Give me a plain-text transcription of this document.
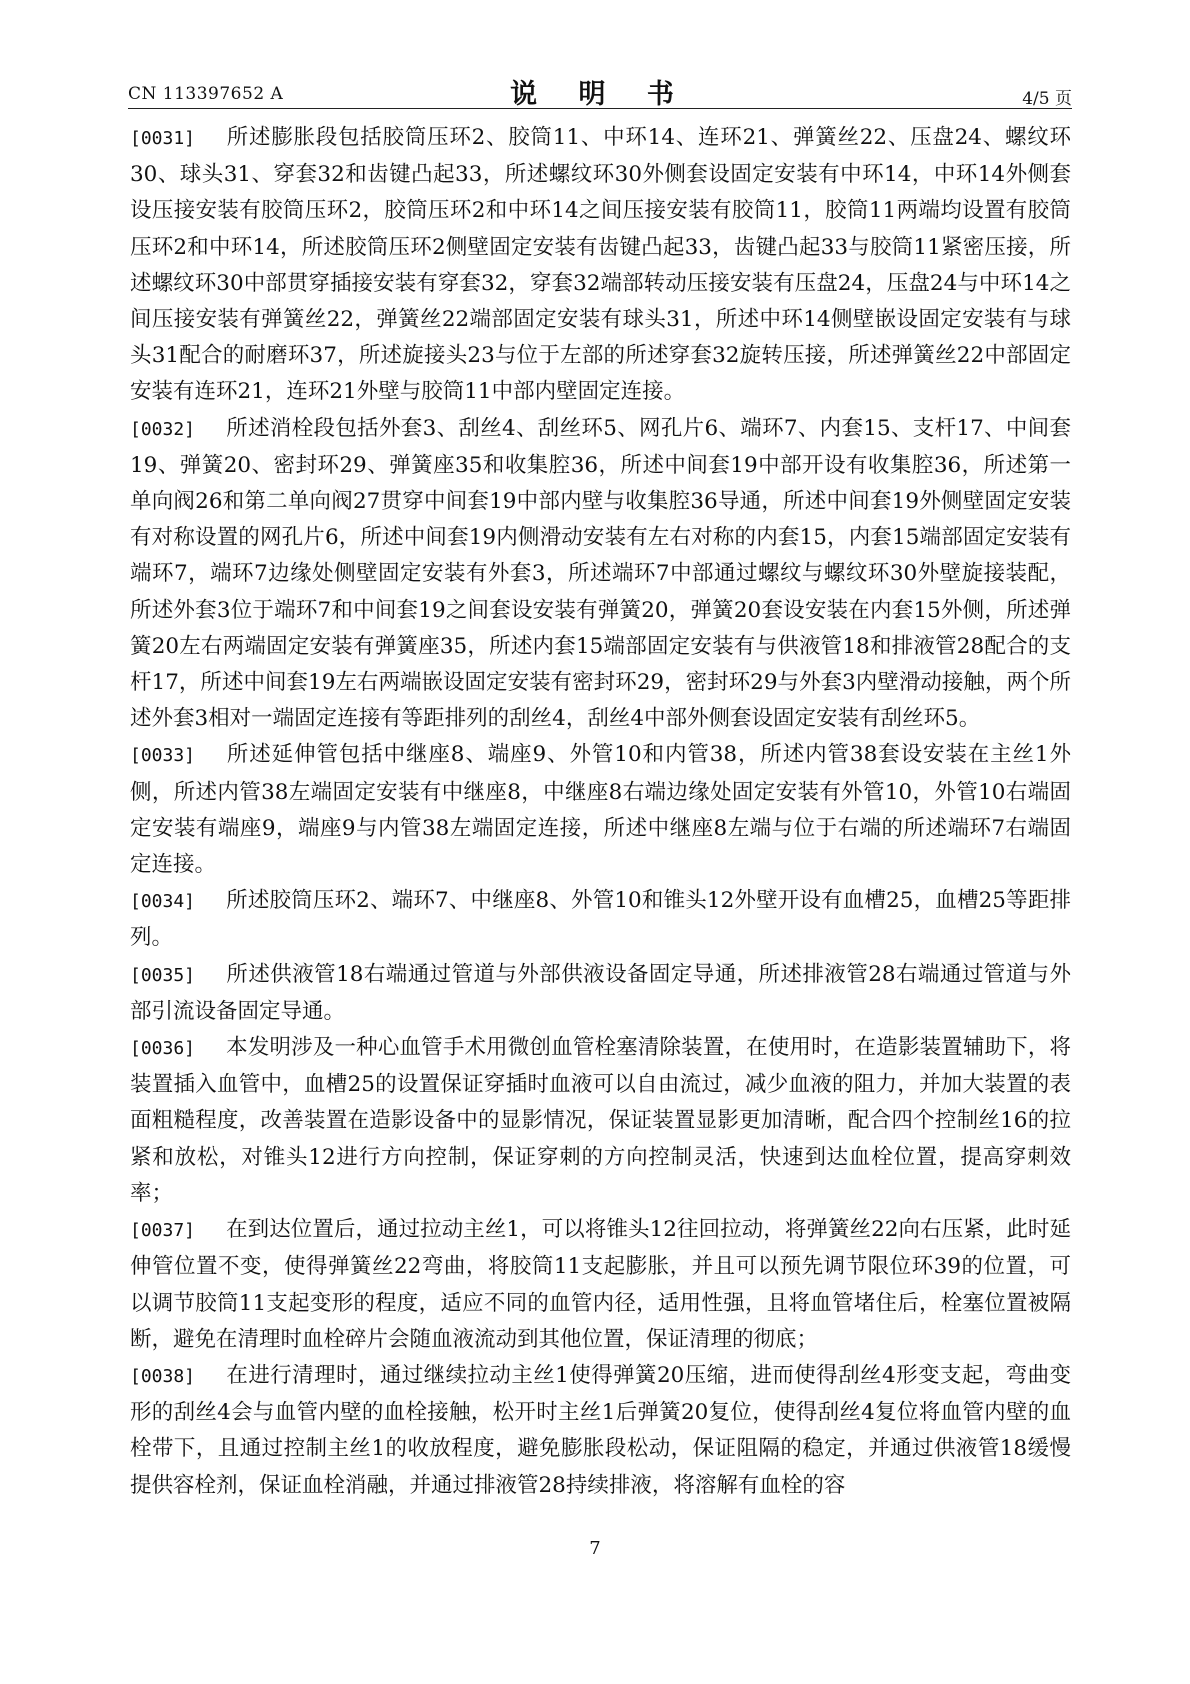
CN 113397652 A	说 明 书	4/5 页

[0031] 所述膨胀段包括胶筒压环2、胶筒11、中环14、连环21、弹簧丝22、压盘24、螺纹环30、球头31、穿套32和齿键凸起33，所述螺纹环30外侧套设固定安装有中环14，中环14外侧套设压接安装有胶筒压环2，胶筒压环2和中环14之间压接安装有胶筒11，胶筒11两端均设置有胶筒压环2和中环14，所述胶筒压环2侧壁固定安装有齿键凸起33，齿键凸起33与胶筒11紧密压接，所述螺纹环30中部贯穿插接安装有穿套32，穿套32端部转动压接安装有压盘24，压盘24与中环14之间压接安装有弹簧丝22，弹簧丝22端部固定安装有球头31，所述中环14侧壁嵌设固定安装有与球头31配合的耐磨环37，所述旋接头23与位于左部的所述穿套32旋转压接，所述弹簧丝22中部固定安装有连环21，连环21外壁与胶筒11中部内壁固定连接。

[0032] 所述消栓段包括外套3、刮丝4、刮丝环5、网孔片6、端环7、内套15、支杆17、中间套19、弹簧20、密封环29、弹簧座35和收集腔36，所述中间套19中部开设有收集腔36，所述第一单向阀26和第二单向阀27贯穿中间套19中部内壁与收集腔36导通，所述中间套19外侧壁固定安装有对称设置的网孔片6，所述中间套19内侧滑动安装有左右对称的内套15，内套15端部固定安装有端环7，端环7边缘处侧壁固定安装有外套3，所述端环7中部通过螺纹与螺纹环30外壁旋接装配，所述外套3位于端环7和中间套19之间套设安装有弹簧20，弹簧20套设安装在内套15外侧，所述弹簧20左右两端固定安装有弹簧座35，所述内套15端部固定安装有与供液管18和排液管28配合的支杆17，所述中间套19左右两端嵌设固定安装有密封环29，密封环29与外套3内壁滑动接触，两个所述外套3相对一端固定连接有等距排列的刮丝4，刮丝4中部外侧套设固定安装有刮丝环5。

[0033] 所述延伸管包括中继座8、端座9、外管10和内管38，所述内管38套设安装在主丝1外侧，所述内管38左端固定安装有中继座8，中继座8右端边缘处固定安装有外管10，外管10右端固定安装有端座9，端座9与内管38左端固定连接，所述中继座8左端与位于右端的所述端环7右端固定连接。

[0034] 所述胶筒压环2、端环7、中继座8、外管10和锥头12外壁开设有血槽25，血槽25等距排列。

[0035] 所述供液管18右端通过管道与外部供液设备固定导通，所述排液管28右端通过管道与外部引流设备固定导通。

[0036] 本发明涉及一种心血管手术用微创血管栓塞清除装置，在使用时，在造影装置辅助下，将装置插入血管中，血槽25的设置保证穿插时血液可以自由流过，减少血液的阻力，并加大装置的表面粗糙程度，改善装置在造影设备中的显影情况，保证装置显影更加清晰，配合四个控制丝16的拉紧和放松，对锥头12进行方向控制，保证穿刺的方向控制灵活，快速到达血栓位置，提高穿刺效率；

[0037] 在到达位置后，通过拉动主丝1，可以将锥头12往回拉动，将弹簧丝22向右压紧，此时延伸管位置不变，使得弹簧丝22弯曲，将胶筒11支起膨胀，并且可以预先调节限位环39的位置，可以调节胶筒11支起变形的程度，适应不同的血管内径，适用性强，且将血管堵住后，栓塞位置被隔断，避免在清理时血栓碎片会随血液流动到其他位置，保证清理的彻底；

[0038] 在进行清理时，通过继续拉动主丝1使得弹簧20压缩，进而使得刮丝4形变支起，弯曲变形的刮丝4会与血管内壁的血栓接触，松开时主丝1后弹簧20复位，使得刮丝4复位将血管内壁的血栓带下，且通过控制主丝1的收放程度，避免膨胀段松动，保证阻隔的稳定，并通过供液管18缓慢提供容栓剂，保证血栓消融，并通过排液管28持续排液，将溶解有血栓的容

7
